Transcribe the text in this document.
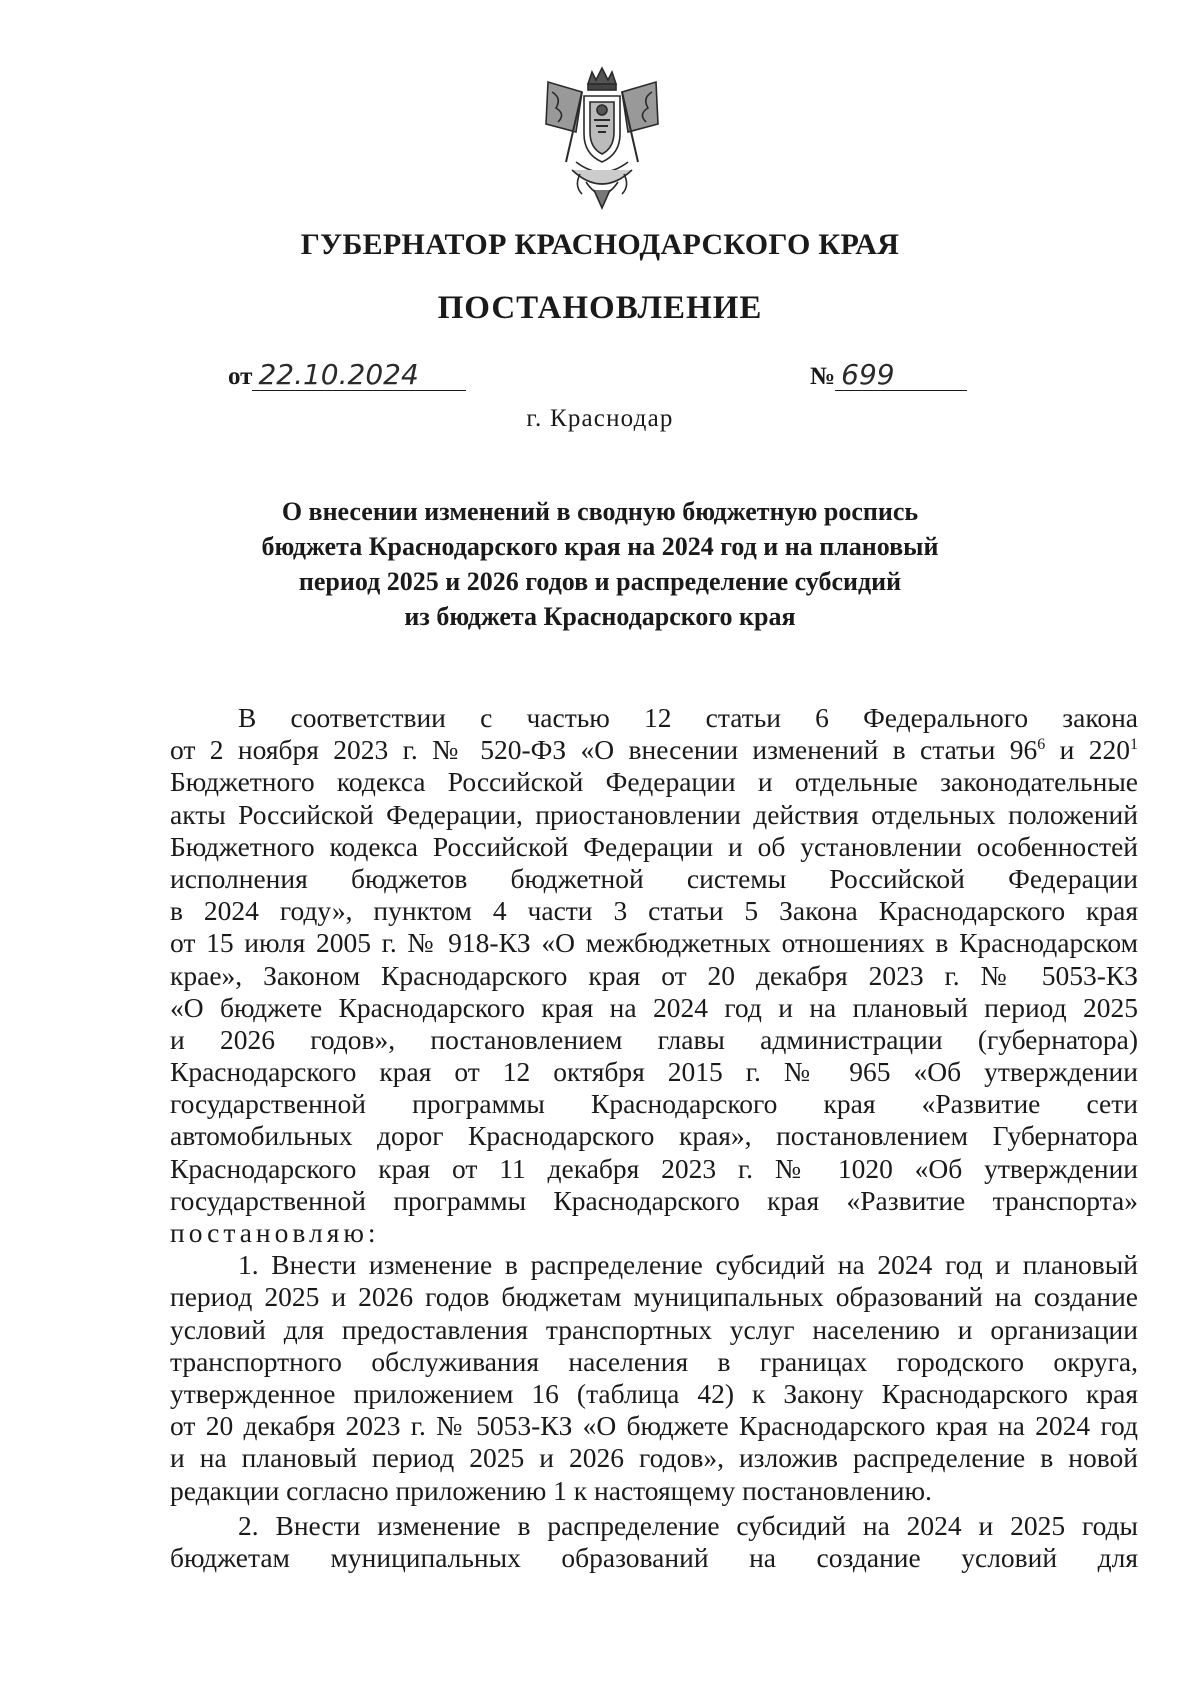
ГУБЕРНАТОР КРАСНОДАРСКОГО КРАЯ
ПОСТАНОВЛЕНИЕ
от 22.10.2024	№ 699
г. Краснодар
О внесении изменений в сводную бюджетную роспись
бюджета Краснодарского края на 2024 год и на плановый
период 2025 и 2026 годов и распределение субсидий
из бюджета Краснодарского края
В соответствии с частью 12 статьи 6 Федерального закона
от 2 ноября 2023 г. № 520-ФЗ «О внесении изменений в статьи $96^6$ и $220^1$
Бюджетного кодекса Российской Федерации и отдельные законодательные
акты Российской Федерации, приостановлении действия отдельных положений
Бюджетного кодекса Российской Федерации и об установлении особенностей
исполнения бюджетов бюджетной системы Российской Федерации
в 2024 году», пунктом 4 части 3 статьи 5 Закона Краснодарского края
от 15 июля 2005 г. № 918-КЗ «О межбюджетных отношениях в Краснодарском
крае», Законом Краснодарского края от 20 декабря 2023 г. № 5053-КЗ
«О бюджете Краснодарского края на 2024 год и на плановый период 2025
и 2026 годов», постановлением главы администрации (губернатора)
Краснодарского края от 12 октября 2015 г. № 965 «Об утверждении
государственной программы Краснодарского края «Развитие сети
автомобильных дорог Краснодарского края», постановлением Губернатора
Краснодарского края от 11 декабря 2023 г. № 1020 «Об утверждении
государственной программы Краснодарского края «Развитие транспорта»
постановляю:
1. Внести изменение в распределение субсидий на 2024 год и плановый
период 2025 и 2026 годов бюджетам муниципальных образований на создание
условий для предоставления транспортных услуг населению и организации
транспортного обслуживания населения в границах городского округа,
утвержденное приложением 16 (таблица 42) к Закону Краснодарского края
от 20 декабря 2023 г. № 5053-КЗ «О бюджете Краснодарского края на 2024 год
и на плановый период 2025 и 2026 годов», изложив распределение в новой
редакции согласно приложению 1 к настоящему постановлению.
2. Внести изменение в распределение субсидий на 2024 и 2025 годы
бюджетам муниципальных образований на создание условий для
